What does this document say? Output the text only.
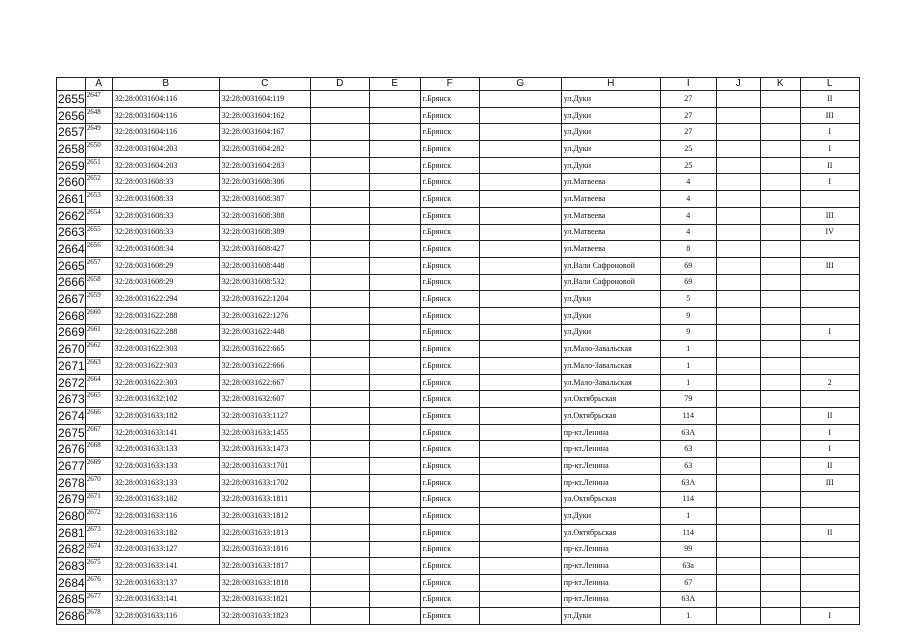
	A	B	C	D	E	F	G	H	I	J	K	L
2655	2647	32:28:0031604:116	32:28:0031604:119			г.Брянск		ул.Дуки	27			II
2656	2648	32:28:0031604:116	32:28:0031604:162			г.Брянск		ул.Дуки	27			III
2657	2649	32:28:0031604:116	32:28:0031604:167			г.Брянск		ул.Дуки	27			I
2658	2650	32:28:0031604:203	32:28:0031604:282			г.Брянск		ул.Дуки	25			I
2659	2651	32:28:0031604:203	32:28:0031604:283			г.Брянск		ул.Дуки	25			II
2660	2652	32:28:0031608:33	32:28:0031608:386			г.Брянск		ул.Матвеева	4			I
2661	2653	32:28:0031608:33	32:28:0031608:387			г.Брянск		ул.Матвеева	4			
2662	2654	32:28:0031608:33	32:28:0031608:388			г.Брянск		ул.Матвеева	4			III
2663	2655	32:28:0031608:33	32:28:0031608:389			г.Брянск		ул.Матвеева	4			IV
2664	2656	32:28:0031608:34	32:28:0031608:427			г.Брянск		ул.Матвеева	8			
2665	2657	32:28:0031608:29	32:28:0031608:448			г.Брянск		ул.Вали Сафроновой	69			III
2666	2658	32:28:0031608:29	32:28:0031608:532			г.Брянск		ул.Вали Сафроновой	69			
2667	2659	32:28:0031622:294	32:28:0031622:1204			г.Брянск		ул.Дуки	5			
2668	2660	32:28:0031622:288	32:28:0031622:1276			г.Брянск		ул.Дуки	9			
2669	2661	32:28:0031622:288	32:28:0031622:448			г.Брянск		ул.Дуки	9			I
2670	2662	32:28:0031622:303	32:28:0031622:665			г.Брянск		ул.Мало-Завальская	1			
2671	2663	32:28:0031622:303	32:28:0031622:666			г.Брянск		ул.Мало-Завальская	1			
2672	2664	32:28:0031622:303	32:28:0031622:667			г.Брянск		ул.Мало-Завальская	1			2
2673	2665	32:28:0031632:102	32:28:0031632:607			г.Брянск		ул.Октябрьская	79			
2674	2666	32:28:0031633:182	32:28:0031633:1127			г.Брянск		ул.Октябрьская	114			II
2675	2667	32:28:0031633:141	32:28:0031633:1455			г.Брянск		пр-кт.Ленина	63А			I
2676	2668	32:28:0031633:133	32:28:0031633:1473			г.Брянск		пр-кт.Ленина	63			I
2677	2669	32:28:0031633:133	32:28:0031633:1701			г.Брянск		пр-кт.Ленина	63			II
2678	2670	32:28:0031633:133	32:28:0031633:1702			г.Брянск		пр-кт.Ленина	63А			III
2679	2671	32:28:0031633:182	32:28:0031633:1811			г.Брянск		ул.Октябрьская	114			
2680	2672	32:28:0031633:116	32:28:0031633:1812			г.Брянск		ул.Дуки	1			
2681	2673	32:28:0031633:182	32:28:0031633:1813			г.Брянск		ул.Октябрьская	114			II
2682	2674	32:28:0031633:127	32:28:0031633:1816			г.Брянск		пр-кт.Ленина	99			
2683	2675	32:28:0031633:141	32:28:0031633:1817			г.Брянск		пр-кт.Ленина	63а			
2684	2676	32:28:0031633:137	32:28:0031633:1818			г.Брянск		пр-кт.Ленина	67			
2685	2677	32:28:0031633:141	32:28:0031633:1821			г.Брянск		пр-кт.Ленина	63А			
2686	2678	32:28:0031633:116	32:28:0031633:1823			г.Брянск		ул.Дуки	1			I
